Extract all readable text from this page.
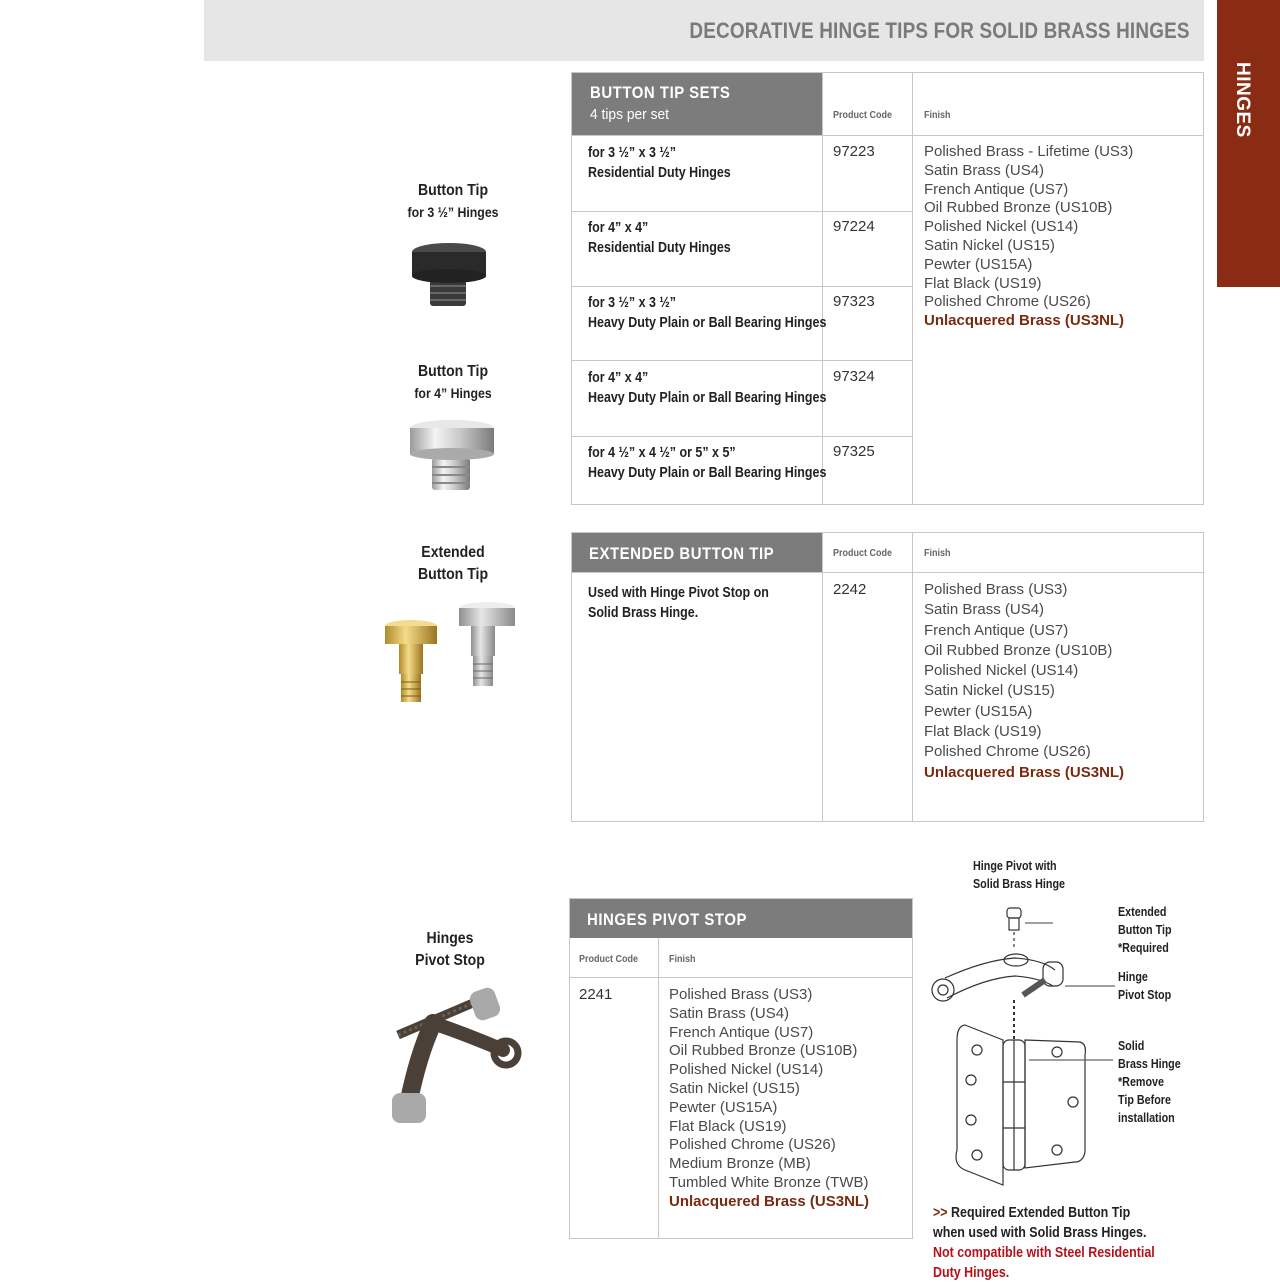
DECORATIVE HINGE TIPS FOR SOLID BRASS HINGES
HINGES
Button Tip
for 3 ½” Hinges
Button Tip
for 4” Hinges
Extended
Button Tip
Hinges
Pivot Stop
BUTTON TIP SETS
4 tips per set	Product Code	Finish
for 3 ½” x 3 ½”
Residential Duty Hinges
97223
for 4” x 4”
Residential Duty Hinges
97224
for 3 ½” x 3 ½”
Heavy Duty Plain or Ball Bearing Hinges
97323
for 4” x 4”
Heavy Duty Plain or Ball Bearing Hinges
97324
for 4 ½” x 4 ½” or 5” x 5”
Heavy Duty Plain or Ball Bearing Hinges
97325
Polished Brass - Lifetime (US3)
Satin Brass (US4)
French Antique (US7)
Oil Rubbed Bronze (US10B)
Polished Nickel (US14)
Satin Nickel (US15)
Pewter (US15A)
Flat Black (US19)
Polished Chrome (US26)
Unlacquered Brass (US3NL)
EXTENDED BUTTON TIP	Product Code	Finish
Used with Hinge Pivot Stop on
Solid Brass Hinge.
2242	Polished Brass (US3)
Satin Brass (US4)
French Antique (US7)
Oil Rubbed Bronze (US10B)
Polished Nickel (US14)
Satin Nickel (US15)
Pewter (US15A)
Flat Black (US19)
Polished Chrome (US26)
Unlacquered Brass (US3NL)
HINGES PIVOT STOP
Product Code	Finish
2241	Polished Brass (US3)
Satin Brass (US4)
French Antique (US7)
Oil Rubbed Bronze (US10B)
Polished Nickel (US14)
Satin Nickel (US15)
Pewter (US15A)
Flat Black (US19)
Polished Chrome (US26)
Medium Bronze (MB)
Tumbled White Bronze (TWB)
Unlacquered Brass (US3NL)
Hinge Pivot with
Solid Brass Hinge
Extended
Button Tip
*Required
Hinge
Pivot Stop
Solid
Brass Hinge
*Remove
Tip Before
installation
>> Required Extended Button Tip when used with Solid Brass Hinges. Not compatible with Steel Residential Duty Hinges.
